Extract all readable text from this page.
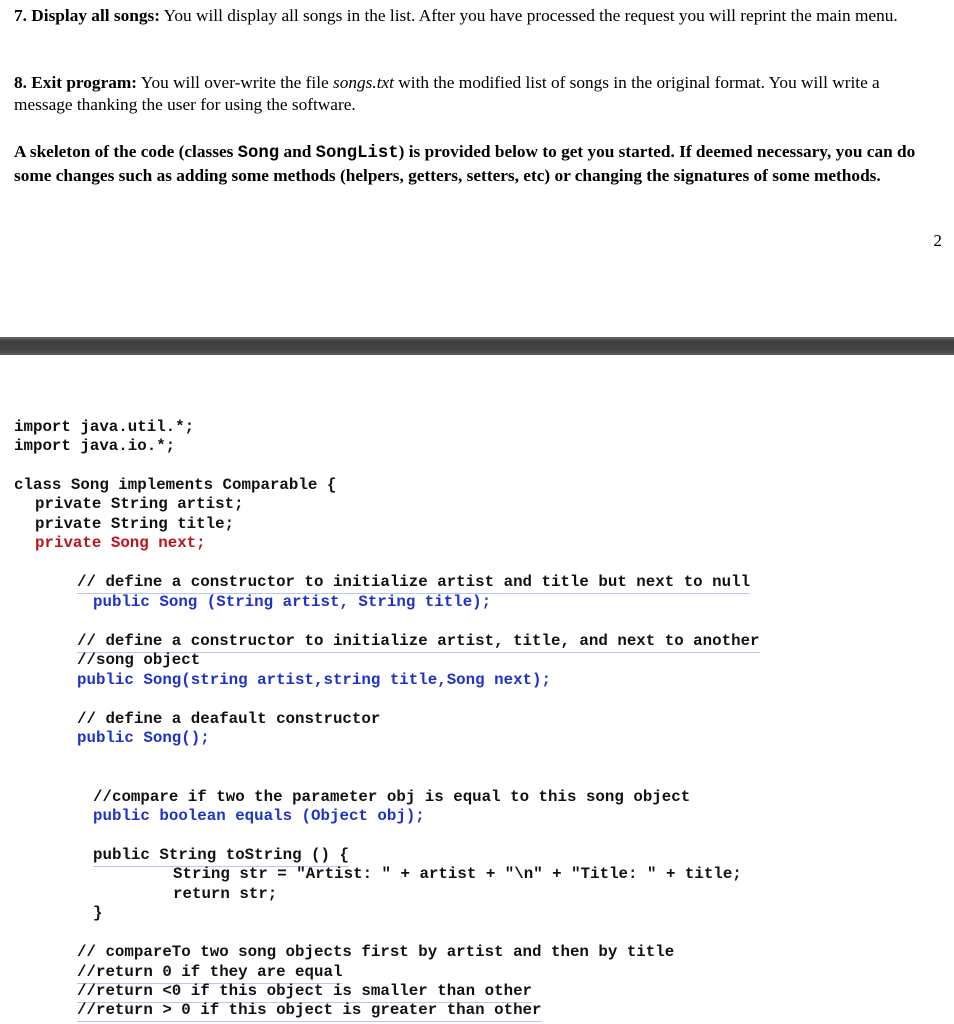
7. Display all songs: You will display all songs in the list. After you have processed the request you will reprint the main menu.
8. Exit program: You will over-write the file songs.txt with the modified list of songs in the original format. You will write a message thanking the user for using the software.
A skeleton of the code (classes Song and SongList) is provided below to get you started. If deemed necessary, you can do some changes such as adding some methods (helpers, getters, setters, etc) or changing the signatures of some methods.
2
import java.util.*;
import java.io.*;
class Song implements Comparable {
private String artist;
private String title;
private Song next;
// define a constructor to initialize artist and title but next to null
public Song (String artist, String title);
// define a constructor to initialize artist, title, and next to another
//song object
public Song(string artist,string title,Song next);
// define a deafault constructor
public Song();
//compare if two the parameter obj is equal to this song object
public boolean equals (Object obj);
public String toString () {
String str = "Artist: " + artist + "\n" + "Title: " + title;
return str;
}
// compareTo two song objects first by artist and then by title
//return 0 if they are equal
//return <0 if this object is smaller than other
//return > 0 if this object is greater than other
